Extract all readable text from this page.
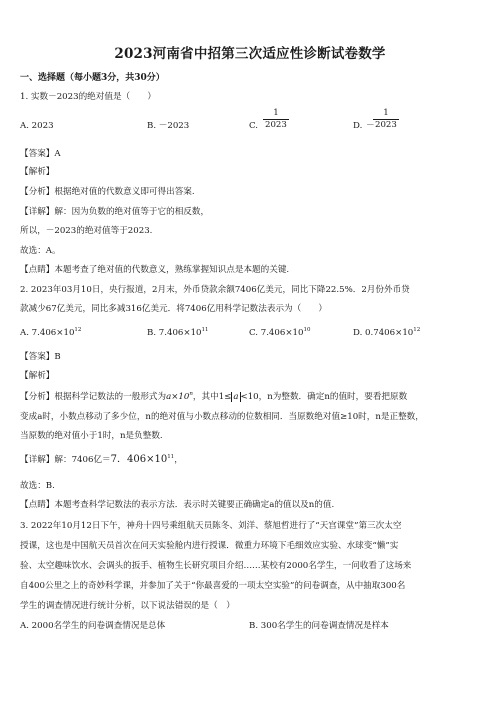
2023河南省中招第三次适应性诊断试卷数学
一、选择题（每小题3分，共30分）
1. 实数－2023的绝对值是（　　）
A. 2023	B. －2023	C.
1
2023	D. －
1
2023
【答案】A
【解析】
【分析】根据绝对值的代数意义即可得出答案.
【详解】解：因为负数的绝对值等于它的相反数，
所以，－2023的绝对值等于2023.
故选：A。
【点睛】本题考查了绝对值的代数意义，熟练掌握知识点是本题的关键.
2. 2023年03月10日，央行报道，2月末，外币贷款余额7406亿美元，同比下降22.5%．2月份外币贷
款减少67亿美元，同比多减316亿美元．将7406亿用科学记数法表示为（　　）
A. $7.406\times 10^{12}$	B. $7.406\times 10^{11}$	C. $7.406\times 10^{10}$	D. $0.7406\times 10^{12}$
【答案】B
【解析】
【分析】根据科学记数法的一般形式为$a\times 10^n$，其中1≤ a <10，n为整数．确定n的值时，要看把原数
变成a时，小数点移动了多少位，n的绝对值与小数点移动的位数相同．当原数绝对值≥10时，n是正整数，
当原数的绝对值小于1时，n是负整数.
【详解】解：7406亿＝7．$406\times 10^{11}$，
故选：B.
【点睛】本题考查科学记数法的表示方法．表示时关键要正确确定a的值以及n的值.
3. 2022年10月12日下午，神舟十四号乘组航天员陈冬、刘洋、蔡旭哲进行了“天宫课堂”第三次太空
授课，这也是中国航天员首次在问天实验舱内进行授课．微重力环境下毛细效应实验、水球变“懒”实
验、太空趣味饮水、会调头的扳手、植物生长研究项目介绍……某校有2000名学生，一问收看了这场来
自400公里之上的奇妙科学课，并参加了关于“你最喜爱的一项太空实验”的问卷调查，从中抽取300名
学生的调查情况进行统计分析，以下说法错误的是（　）
A. 2000名学生的问卷调查情况是总体	B. 300名学生的问卷调查情况是样本
